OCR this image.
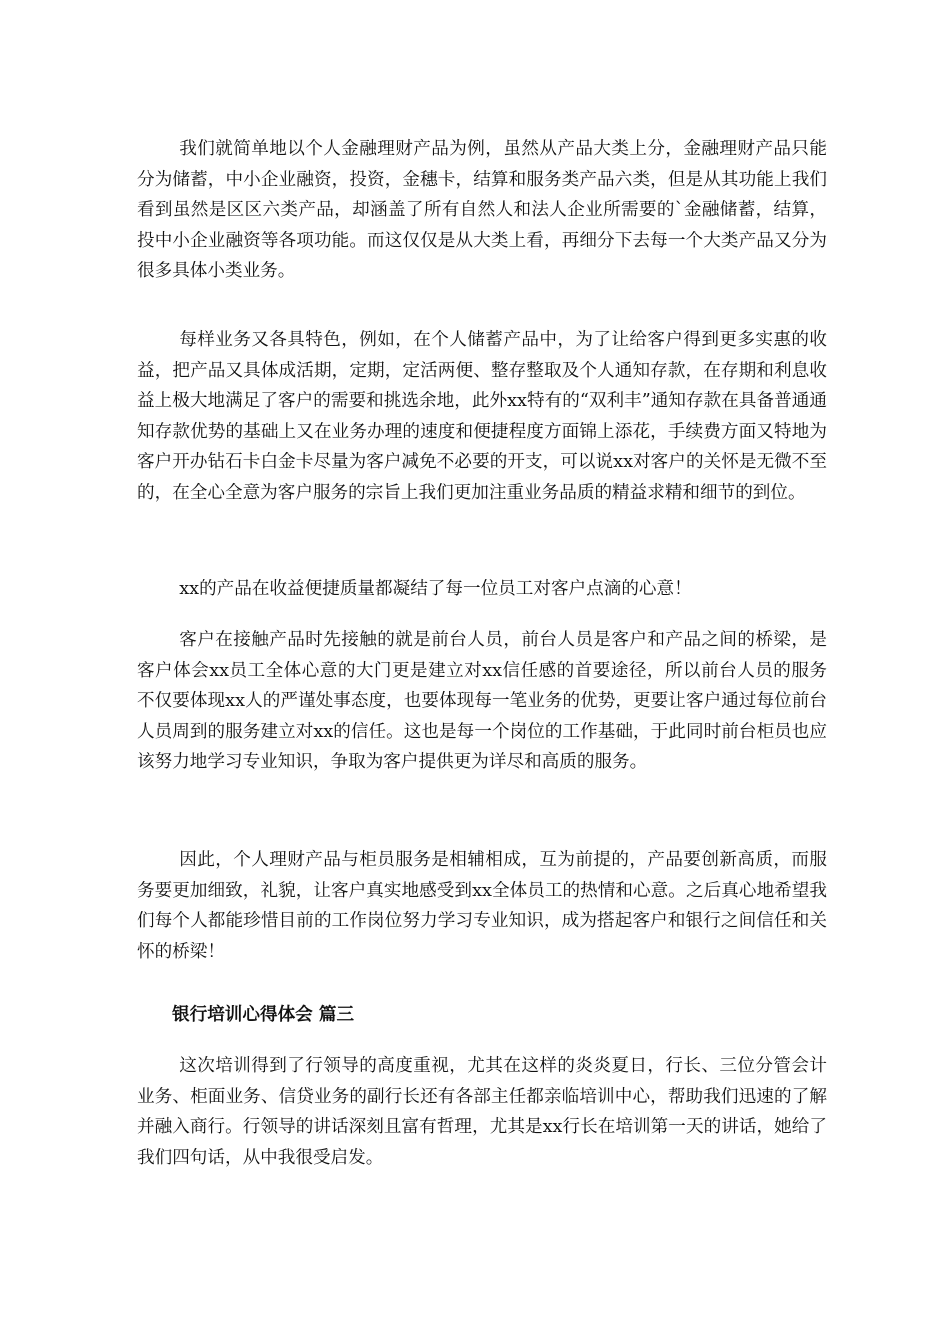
我们就简单地以个人金融理财产品为例，虽然从产品大类上分，金融理财产品只能分为储蓄，中小企业融资，投资，金穗卡，结算和服务类产品六类，但是从其功能上我们看到虽然是区区六类产品，却涵盖了所有自然人和法人企业所需要的`金融储蓄，结算，投中小企业融资等各项功能。而这仅仅是从大类上看，再细分下去每一个大类产品又分为很多具体小类业务。

每样业务又各具特色，例如，在个人储蓄产品中，为了让给客户得到更多实惠的收益，把产品又具体成活期，定期，定活两便、整存整取及个人通知存款，在存期和利息收益上极大地满足了客户的需要和挑选余地，此外xx特有的“双利丰”通知存款在具备普通通知存款优势的基础上又在业务办理的速度和便捷程度方面锦上添花，手续费方面又特地为客户开办钻石卡白金卡尽量为客户减免不必要的开支，可以说xx对客户的关怀是无微不至的，在全心全意为客户服务的宗旨上我们更加注重业务品质的精益求精和细节的到位。

xx的产品在收益便捷质量都凝结了每一位员工对客户点滴的心意！

客户在接触产品时先接触的就是前台人员，前台人员是客户和产品之间的桥梁，是客户体会xx员工全体心意的大门更是建立对xx信任感的首要途径，所以前台人员的服务不仅要体现xx人的严谨处事态度，也要体现每一笔业务的优势，更要让客户通过每位前台人员周到的服务建立对xx的信任。这也是每一个岗位的工作基础，于此同时前台柜员也应该努力地学习专业知识，争取为客户提供更为详尽和高质的服务。

因此，个人理财产品与柜员服务是相辅相成，互为前提的，产品要创新高质，而服务要更加细致，礼貌，让客户真实地感受到xx全体员工的热情和心意。之后真心地希望我们每个人都能珍惜目前的工作岗位努力学习专业知识，成为搭起客户和银行之间信任和关怀的桥梁！

银行培训心得体会 篇三

这次培训得到了行领导的高度重视，尤其在这样的炎炎夏日，行长、三位分管会计业务、柜面业务、信贷业务的副行长还有各部主任都亲临培训中心，帮助我们迅速的了解并融入商行。行领导的讲话深刻且富有哲理，尤其是xx行长在培训第一天的讲话，她给了我们四句话，从中我很受启发。
